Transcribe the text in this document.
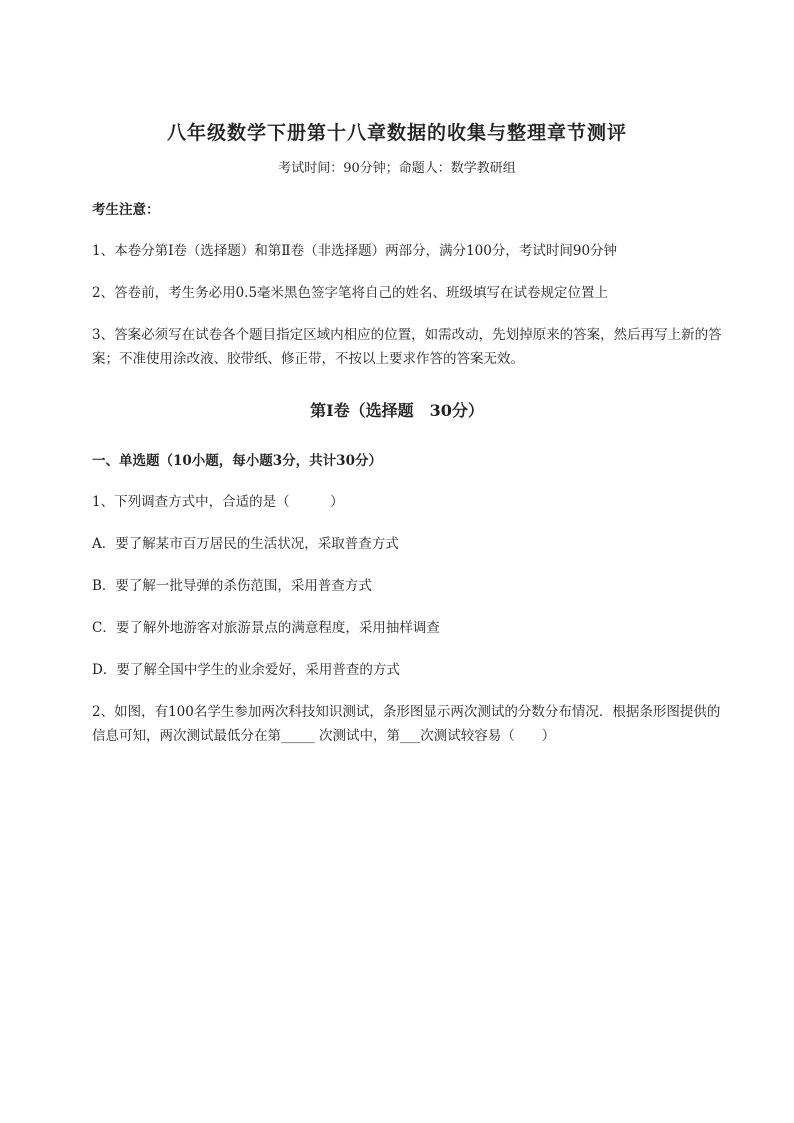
八年级数学下册第十八章数据的收集与整理章节测评
考试时间：90分钟；命题人：数学教研组
考生注意：
1、本卷分第I卷（选择题）和第Ⅱ卷（非选择题）两部分，满分100分，考试时间90分钟
2、答卷前，考生务必用0.5毫米黑色签字笔将自己的姓名、班级填写在试卷规定位置上
3、答案必须写在试卷各个题目指定区域内相应的位置，如需改动，先划掉原来的答案，然后再写上新的答案；不准使用涂改液、胶带纸、修正带，不按以上要求作答的答案无效。
第I卷（选择题　30分）
一、单选题（10小题，每小题3分，共计30分）
1、下列调查方式中，合适的是（　　　）
A．要了解某市百万居民的生活状况，采取普查方式
B．要了解一批导弹的杀伤范围，采用普查方式
C．要了解外地游客对旅游景点的满意程度，采用抽样调查
D．要了解全国中学生的业余爱好，采用普查的方式
2、如图，有100名学生参加两次科技知识测试，条形图显示两次测试的分数分布情况．根据条形图提供的信息可知，两次测试最低分在第_____ 次测试中，第___次测试较容易（　　）
